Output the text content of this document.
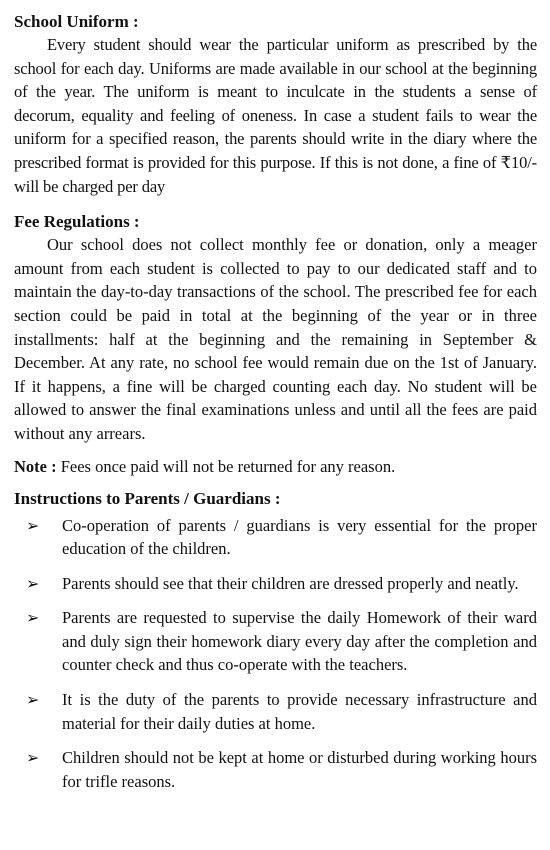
School Uniform :

Every student should wear the particular uniform as prescribed by the school for each day. Uniforms are made available in our school at the beginning of the year. The uniform is meant to inculcate in the students a sense of decorum, equality and feeling of oneness. In case a student fails to wear the uniform for a specified reason, the parents should write in the diary where the prescribed format is provided for this purpose. If this is not done, a fine of ₹10/- will be charged per day

Fee Regulations :

Our school does not collect monthly fee or donation, only a meager amount from each student is collected to pay to our dedicated staff and to maintain the day-to-day transactions of the school. The prescribed fee for each section could be paid in total at the beginning of the year or in three installments: half at the beginning and the remaining in September & December. At any rate, no school fee would remain due on the 1st of January. If it happens, a fine will be charged counting each day. No student will be allowed to answer the final examinations unless and until all the fees are paid without any arrears.

Note : Fees once paid will not be returned for any reason.

Instructions to Parents / Guardians :
➢	Co-operation of parents / guardians is very essential for the proper education of the children.
➢	Parents should see that their children are dressed properly and neatly.
➢	Parents are requested to supervise the daily Homework of their ward and duly sign their homework diary every day after the completion and counter check and thus co-operate with the teachers.
➢	It is the duty of the parents to provide necessary infrastructure and material for their daily duties at home.
➢	Children should not be kept at home or disturbed during working hours for trifle reasons.
